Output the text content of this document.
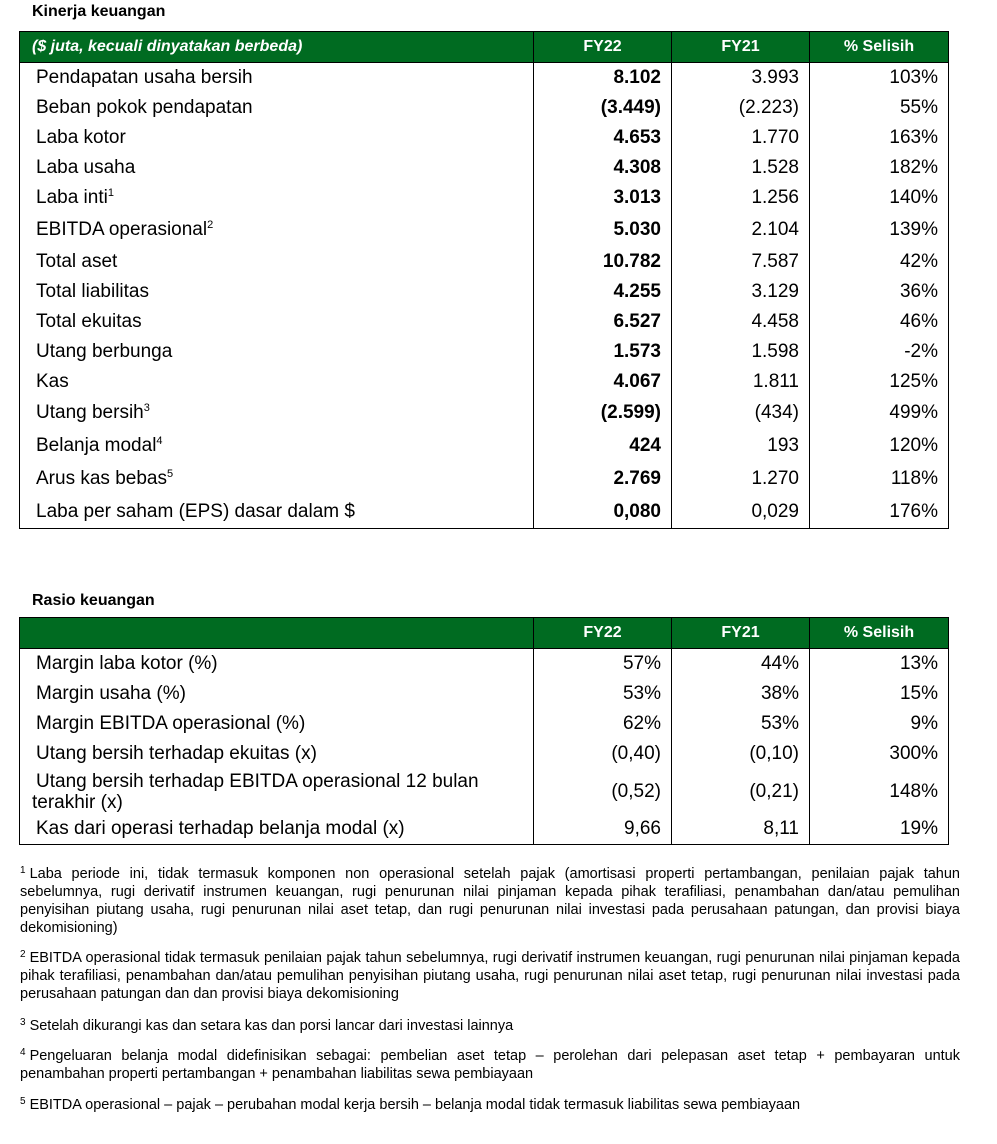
Kinerja keuangan
($ juta, kecuali dinyatakan berbeda)	FY22	FY21	% Selisih
Pendapatan usaha bersih	8.102	3.993	103%
Beban pokok pendapatan	(3.449)	(2.223)	55%
Laba kotor	4.653	1.770	163%
Laba usaha	4.308	1.528	182%
Laba inti$^1$	3.013	1.256	140%
EBITDA operasional$^2$	5.030	2.104	139%
Total aset	10.782	7.587	42%
Total liabilitas	4.255	3.129	36%
Total ekuitas	6.527	4.458	46%
Utang berbunga	1.573	1.598	-2%
Kas	4.067	1.811	125%
Utang bersih$^3$	(2.599)	(434)	499%
Belanja modal$^4$	424	193	120%
Arus kas bebas$^5$	2.769	1.270	118%
Laba per saham (EPS) dasar dalam $	0,080	0,029	176%
Rasio keuangan
	FY22	FY21	% Selisih
Margin laba kotor (%)	57%	44%	13%
Margin usaha (%)	53%	38%	15%
Margin EBITDA operasional (%)	62%	53%	9%
Utang bersih terhadap ekuitas (x)	(0,40)	(0,10)	300%

Utang bersih terhadap EBITDA operasional 12 bulan
terakhir (x)	(0,52)	(0,21)	148%
Kas dari operasi terhadap belanja modal (x)	9,66	8,11	19%
$^1$ Laba periode ini, tidak termasuk komponen non operasional setelah pajak (amortisasi properti pertambangan, penilaian pajak tahun sebelumnya, rugi derivatif instrumen keuangan, rugi penurunan nilai pinjaman kepada pihak terafiliasi, penambahan dan/atau pemulihan penyisihan piutang usaha, rugi penurunan nilai aset tetap, dan rugi penurunan nilai investasi pada perusahaan patungan, dan provisi biaya dekomisioning)
$^2$ EBITDA operasional tidak termasuk penilaian pajak tahun sebelumnya, rugi derivatif instrumen keuangan, rugi penurunan nilai pinjaman kepada pihak terafiliasi, penambahan dan/atau pemulihan penyisihan piutang usaha, rugi penurunan nilai aset tetap, rugi penurunan nilai investasi pada perusahaan patungan dan dan provisi biaya dekomisioning
$^3$ Setelah dikurangi kas dan setara kas dan porsi lancar dari investasi lainnya
$^4$ Pengeluaran belanja modal didefinisikan sebagai: pembelian aset tetap – perolehan dari pelepasan aset tetap + pembayaran untuk penambahan properti pertambangan + penambahan liabilitas sewa pembiayaan
$^5$ EBITDA operasional – pajak – perubahan modal kerja bersih – belanja modal tidak termasuk liabilitas sewa pembiayaan
